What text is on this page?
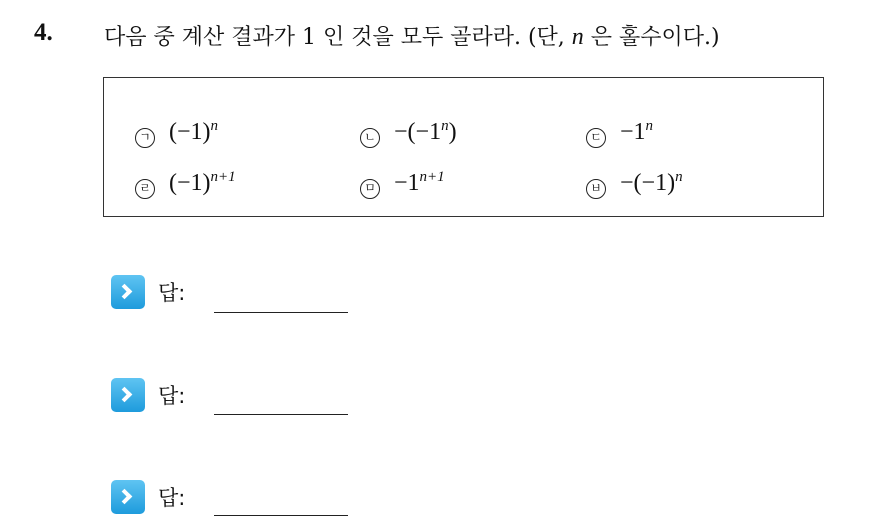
4. 다음 중 계산 결과가 1 인 것을 모두 골라라. (단, n 은 홀수이다.)
ㄱ $(-1)^n$
ㄴ $-(-1^n)$	ㄷ $-1^n$
ㄹ $(-1)^{n+1}$
ㅁ $-1^{n+1}$
ㅂ $-(-1)^n$
답:
답:
답:
